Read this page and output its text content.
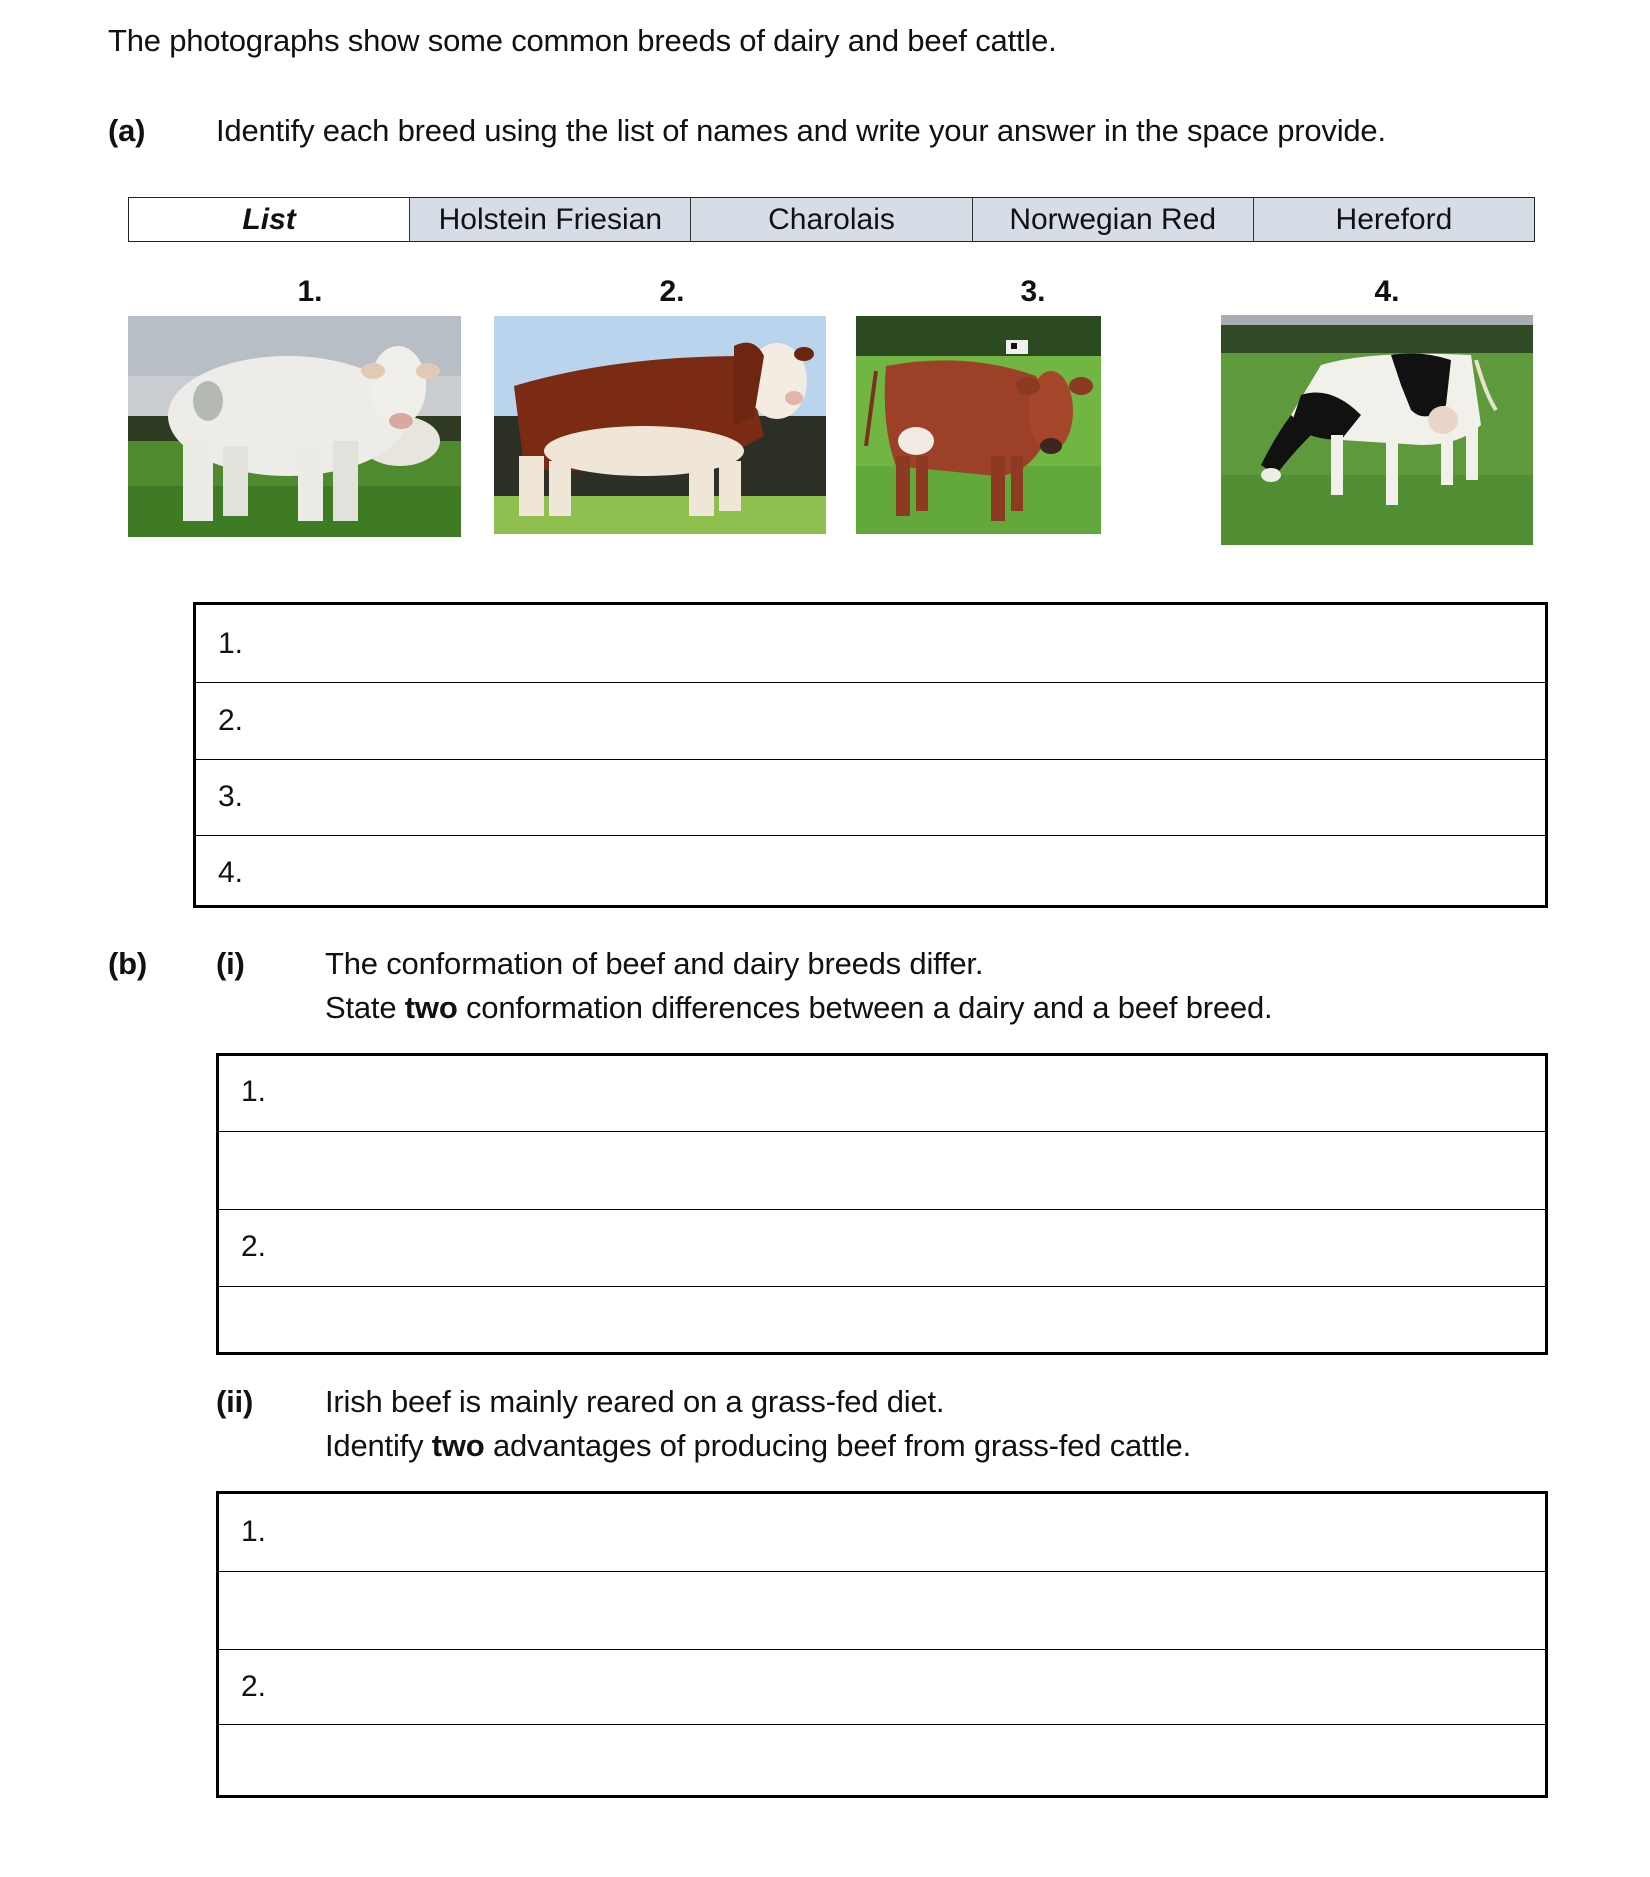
The photographs show some common breeds of dairy and beef cattle.
(a) Identify each breed using the list of names and write your answer in the space provide.
List	Holstein Friesian	Charolais	Norwegian Red	Hereford
1.	2.	3.	4.
1.
2.
3.
4.
(b) (i)	The conformation of beef and dairy breeds differ.
State two conformation differences between a dairy and a beef breed.
1.
2.
(ii) Irish beef is mainly reared on a grass-fed diet.
Identify two advantages of producing beef from grass-fed cattle.
1.
2.
